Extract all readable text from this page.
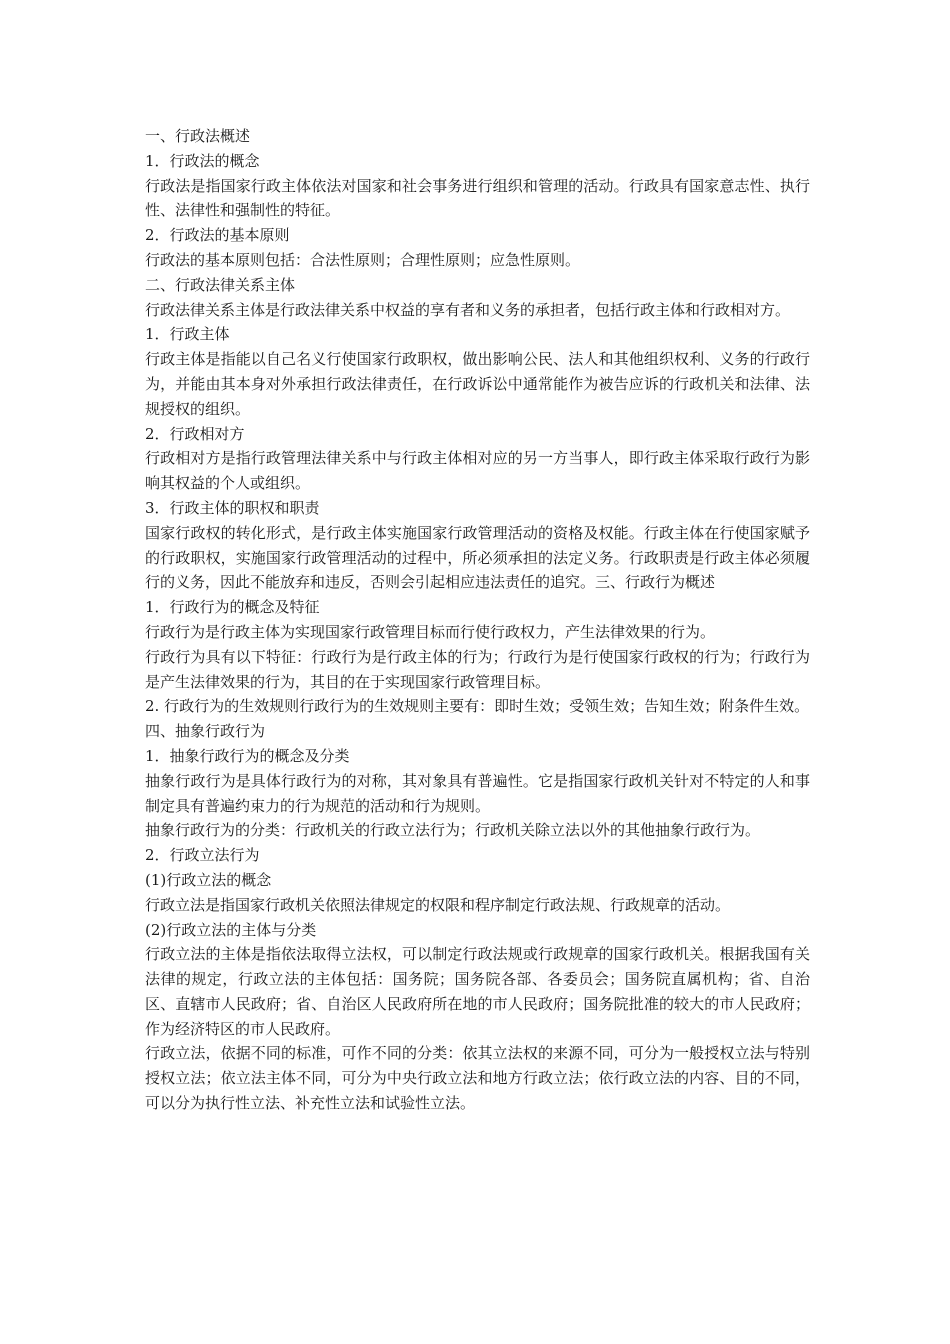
一、行政法概述

1．行政法的概念

行政法是指国家行政主体依法对国家和社会事务进行组织和管理的活动。行政具有国家意志性、执行性、法律性和强制性的特征。

2．行政法的基本原则

行政法的基本原则包括：合法性原则；合理性原则；应急性原则。

二、行政法律关系主体

行政法律关系主体是行政法律关系中权益的享有者和义务的承担者，包括行政主体和行政相对方。

1．行政主体

行政主体是指能以自己名义行使国家行政职权，做出影响公民、法人和其他组织权利、义务的行政行为，并能由其本身对外承担行政法律责任，在行政诉讼中通常能作为被告应诉的行政机关和法律、法规授权的组织。

2．行政相对方

行政相对方是指行政管理法律关系中与行政主体相对应的另一方当事人，即行政主体采取行政行为影响其权益的个人或组织。

3．行政主体的职权和职责

国家行政权的转化形式，是行政主体实施国家行政管理活动的资格及权能。行政主体在行使国家赋予的行政职权，实施国家行政管理活动的过程中，所必须承担的法定义务。行政职责是行政主体必须履行的义务，因此不能放弃和违反，否则会引起相应违法责任的追究。三、行政行为概述

1．行政行为的概念及特征

行政行为是行政主体为实现国家行政管理目标而行使行政权力，产生法律效果的行为。

行政行为具有以下特征：行政行为是行政主体的行为；行政行为是行使国家行政权的行为；行政行为是产生法律效果的行为，其目的在于实现国家行政管理目标。

2. 行政行为的生效规则行政行为的生效规则主要有：即时生效；受领生效；告知生效；附条件生效。

四、抽象行政行为

1．抽象行政行为的概念及分类

抽象行政行为是具体行政行为的对称，其对象具有普遍性。它是指国家行政机关针对不特定的人和事制定具有普遍约束力的行为规范的活动和行为规则。

抽象行政行为的分类：行政机关的行政立法行为；行政机关除立法以外的其他抽象行政行为。

2．行政立法行为

(1)行政立法的概念

行政立法是指国家行政机关依照法律规定的权限和程序制定行政法规、行政规章的活动。

(2)行政立法的主体与分类

行政立法的主体是指依法取得立法权，可以制定行政法规或行政规章的国家行政机关。根据我国有关法律的规定，行政立法的主体包括：国务院；国务院各部、各委员会；国务院直属机构；省、自治区、直辖市人民政府；省、自治区人民政府所在地的市人民政府；国务院批准的较大的市人民政府；作为经济特区的市人民政府。

行政立法，依据不同的标准，可作不同的分类：依其立法权的来源不同，可分为一般授权立法与特别授权立法；依立法主体不同，可分为中央行政立法和地方行政立法；依行政立法的内容、目的不同，可以分为执行性立法、补充性立法和试验性立法。
